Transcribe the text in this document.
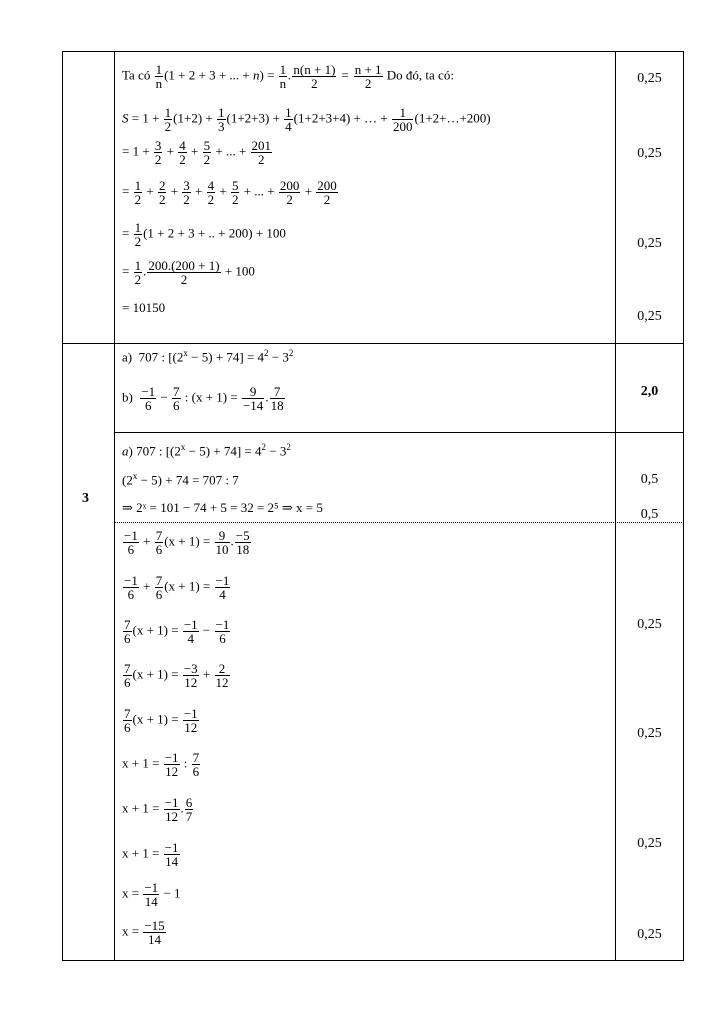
0,25
0,25
0,25
0,25
Ta có $\frac{1}{n} (1 + 2 + 3$ + ... + $n) = \frac{1}{n}$ . $\frac{n(n + 1)}{2} = \frac{n + 1}{2}$ Do đó, ta có:
$S = 1 + \frac{1}{2} (1+2) + \frac{1}{3} (1+2+3) + \frac{1}{4} (1+2+3+4)$ + … + $\frac{1}{200}$ (1+2+…+200)
= $1 + \frac{3}{2} + \frac{4}{2} + \frac{5}{2}$ + ... + $\frac{201}{2}$
= $\frac{1}{2} + \frac{2}{2} + \frac{3}{2} + \frac{4}{2} + \frac{5}{2}$ + ... + $\frac{200}{2} + \frac{200}{2}$
= $\frac{1}{2} (1 + 2 + 3$ + .. + 200) + 100
= $\frac{1}{2}$ . $\frac{200.(200 + 1)}{2} + 100$
= 10150
3
a)  707 : $[(2^x - 5) + 74] = 4^2 - 3^2$
$b) \frac{-1}{6} - \frac{7}{6}$ : $(x + 1) = \frac{9}{-14}$ . $\frac{7}{18}$	2,0
a) 707 : $[(2^x - 5) + 74] = 4^2 - 3^2$
$(2^x - 5) + 74 = 707$ : 7
⇒ 2ˣ = 101 − 74 + 5 = 32 = 2⁵ ⇒ x = 5
0,5
0,5
$\frac{-1}{6} + \frac{7}{6} (x + 1) = \frac{9}{10}$ . $\frac{-5}{18}$
$\frac{-1}{6} + \frac{7}{6} (x + 1) = \frac{-1}{4}$
$\frac{7}{6} (x + 1) = \frac{-1}{4} - \frac{-1}{6}$
$\frac{7}{6} (x + 1) = \frac{-3}{12} + \frac{2}{12}$
$\frac{7}{6} (x + 1) = \frac{-1}{12}$
$x + 1 = \frac{-1}{12}$ : $\frac{7}{6}$
$x + 1 = \frac{-1}{12}$ . $\frac{6}{7}$
$x + 1 = \frac{-1}{14}$
$x = \frac{-1}{14} - 1$
$x = \frac{-15}{14}$
0,25
0,25
0,25
0,25
